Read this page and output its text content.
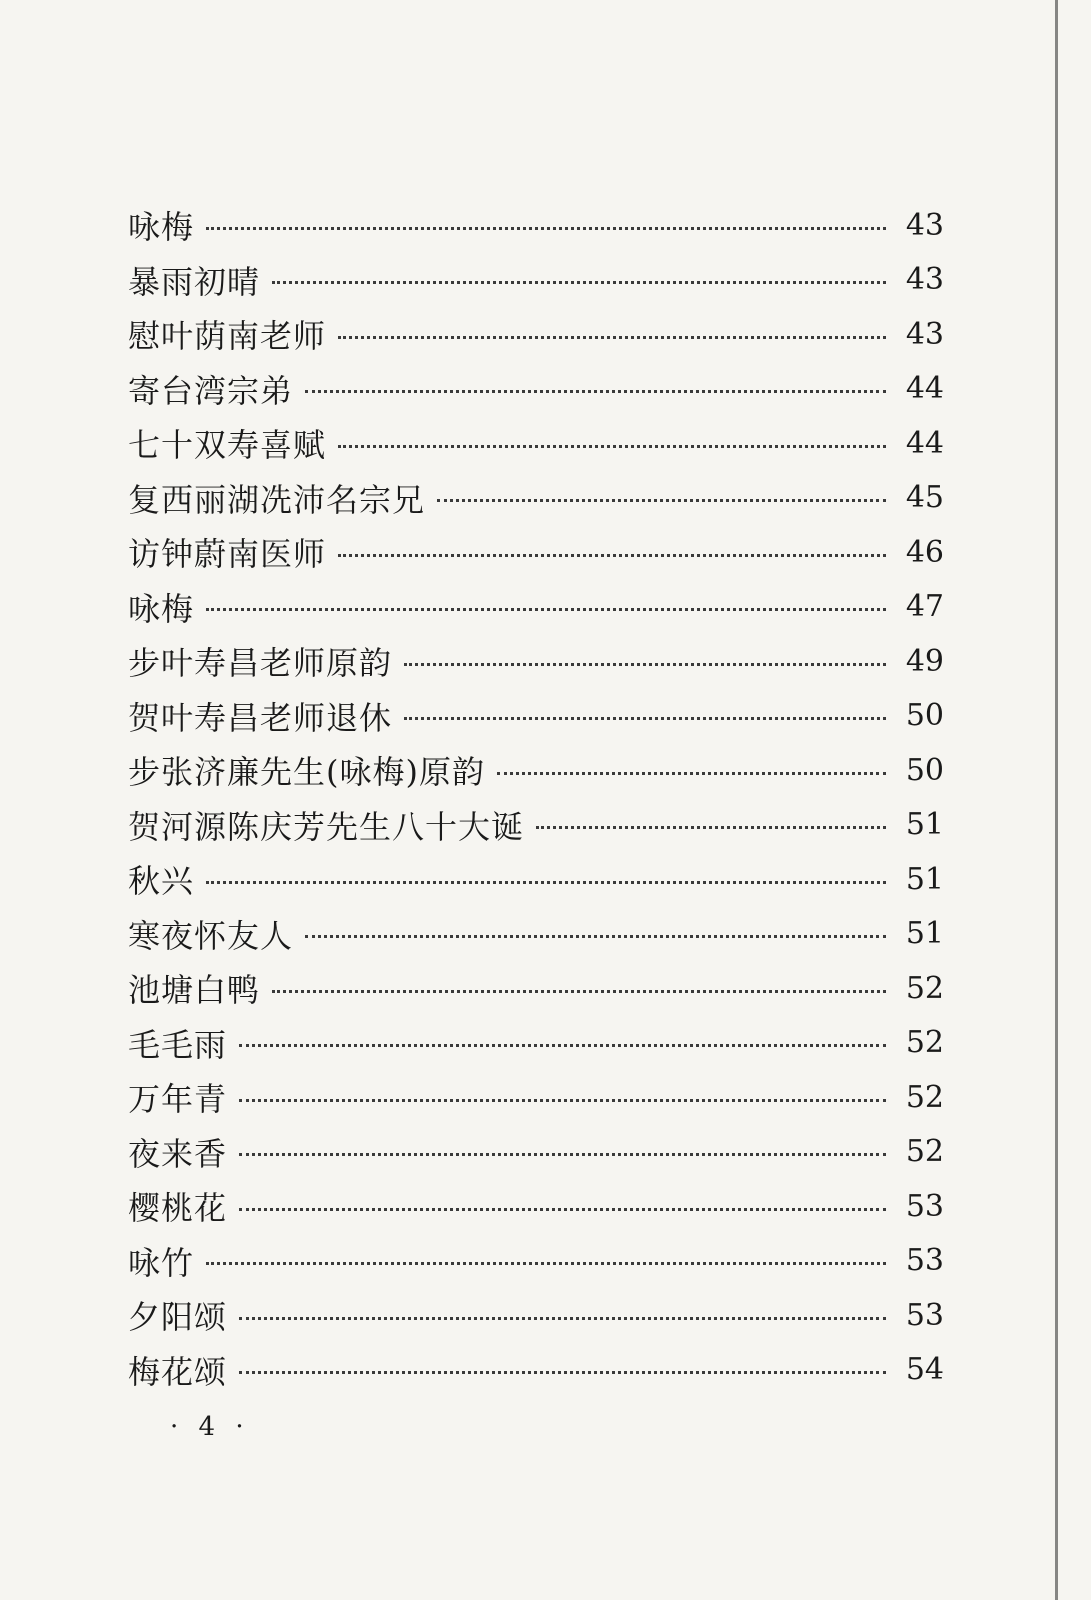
咏梅	43
暴雨初晴	43
慰叶荫南老师	43
寄台湾宗弟	44
七十双寿喜赋	44
复西丽湖冼沛名宗兄	45
访钟蔚南医师	46
咏梅	47
步叶寿昌老师原韵	49
贺叶寿昌老师退休	50
步张济廉先生(咏梅)原韵	50
贺河源陈庆芳先生八十大诞	51
秋兴	51
寒夜怀友人	51
池塘白鸭	52
毛毛雨	52
万年青	52
夜来香	52
樱桃花	53
咏竹	53
夕阳颂	53
梅花颂	54
· 4 ·
